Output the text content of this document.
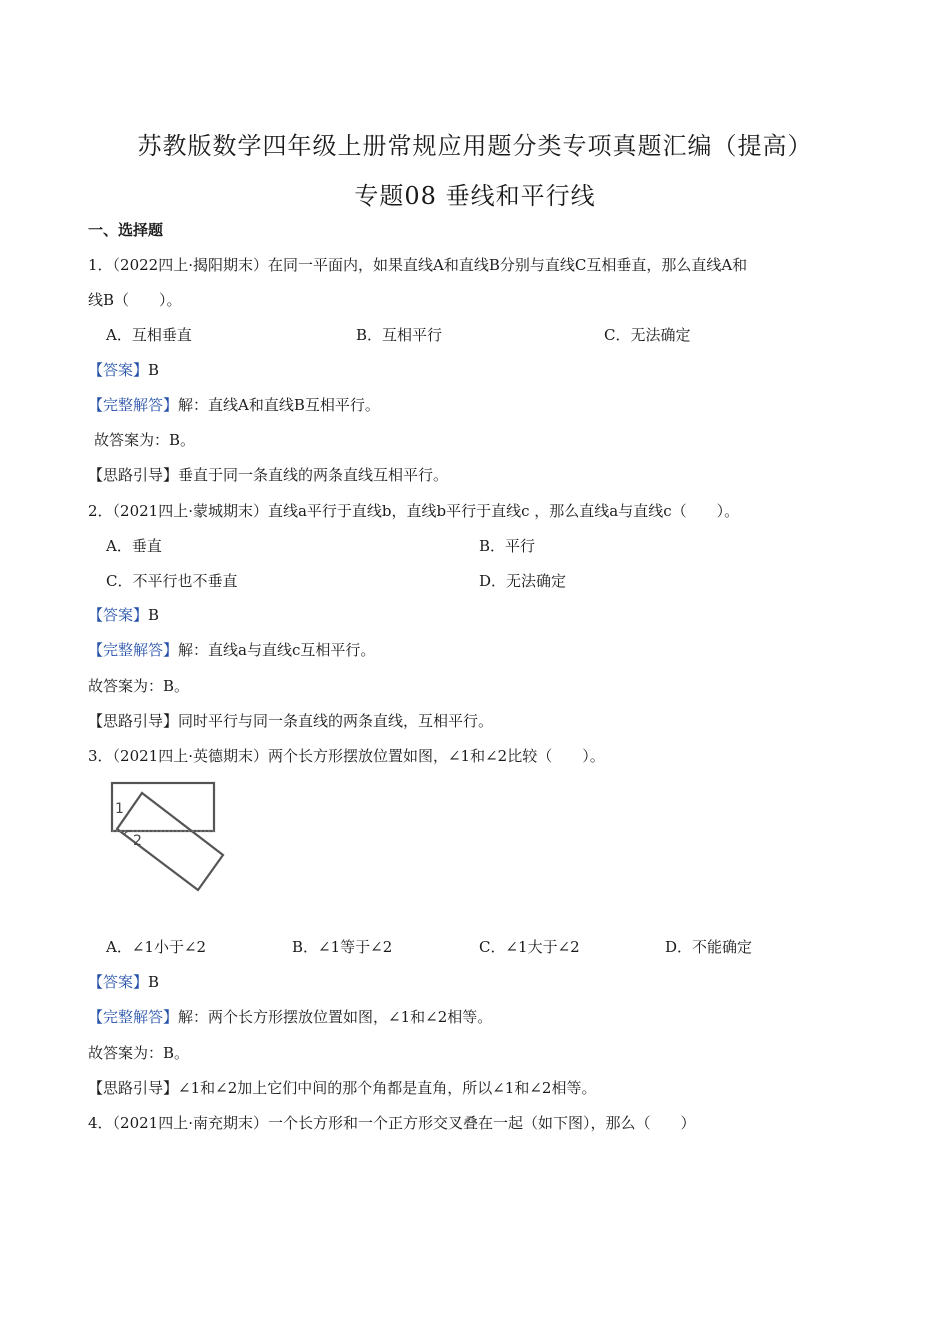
苏教版数学四年级上册常规应用题分类专项真题汇编（提高）
专题08 垂线和平行线
一、选择题
1．（2022四上·揭阳期末）在同一平面内，如果直线A和直线B分别与直线C互相垂直，那么直线A和
线B（　　）。
A．互相垂直	B．互相平行	C．无法确定
【答案】B
【完整解答】解：直线A和直线B互相平行。
故答案为：B。
【思路引导】垂直于同一条直线的两条直线互相平行。
2．（2021四上·蒙城期末）直线a平行于直线b，直线b平行于直线c ，那么直线a与直线c（　　）。
A．垂直	B．平行
C．不平行也不垂直	D．无法确定
【答案】B
【完整解答】解：直线a与直线c互相平行。
故答案为：B。
【思路引导】同时平行与同一条直线的两条直线，互相平行。
3．（2021四上·英德期末）两个长方形摆放位置如图，∠1和∠2比较（　　）。
1
2
A．∠1小于∠2	B．∠1等于∠2	C．∠1大于∠2	D．不能确定
【答案】B
【完整解答】解：两个长方形摆放位置如图，∠1和∠2相等。
故答案为：B。
【思路引导】∠1和∠2加上它们中间的那个角都是直角，所以∠1和∠2相等。
4．（2021四上·南充期末）一个长方形和一个正方形交叉叠在一起（如下图），那么（　　）
